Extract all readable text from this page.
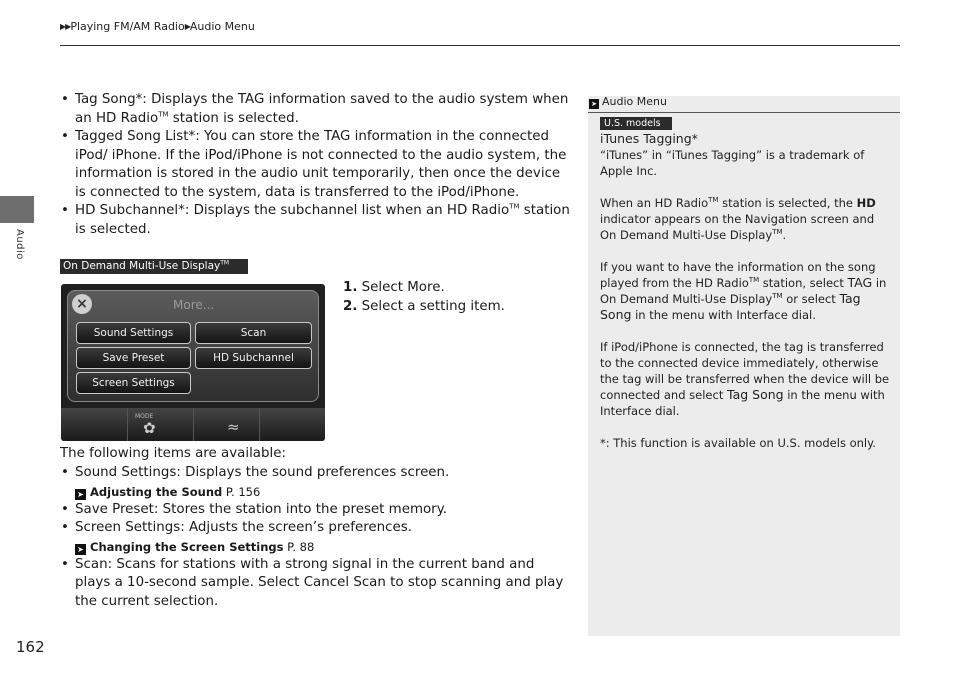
▶▶Playing FM/AM Radio▶Audio Menu
Audio
• Tag Song*: Displays the TAG information saved to the audio system when an HD Radio™ station is selected.
• Tagged Song List*: You can store the TAG information in the connected iPod/ iPhone. If the iPod/iPhone is not connected to the audio system, the information is stored in the audio unit temporarily, then once the device is connected to the system, data is transferred to the iPod/iPhone.
• HD Subchannel*: Displays the subchannel list when an HD Radio™ station is selected.
On Demand Multi-Use Display™
×	More...
Sound Settings	Scan
Save Preset	HD Subchannel
Screen Settings
MODE
✿	≈
1. Select More.
2. Select a setting item.
The following items are available:
• Sound Settings: Displays the sound preferences screen.
➤ Adjusting the Sound P. 156
• Save Preset: Stores the station into the preset memory.
• Screen Settings: Adjusts the screen’s preferences.
➤ Changing the Screen Settings P. 88
• Scan: Scans for stations with a strong signal in the current band and plays a 10-second sample. Select Cancel Scan to stop scanning and play the current selection.
162
➤ Audio Menu
U.S. models

iTunes Tagging*
“iTunes” in “iTunes Tagging” is a trademark of Apple Inc.

When an HD Radio™ station is selected, the HD indicator appears on the Navigation screen and On Demand Multi-Use Display™.

If you want to have the information on the song played from the HD Radio™ station, select TAG in On Demand Multi-Use Display™ or select Tag Song in the menu with Interface dial.

If iPod/iPhone is connected, the tag is transferred to the connected device immediately, otherwise the tag will be transferred when the device will be connected and select Tag Song in the menu with Interface dial.

*: This function is available on U.S. models only.
